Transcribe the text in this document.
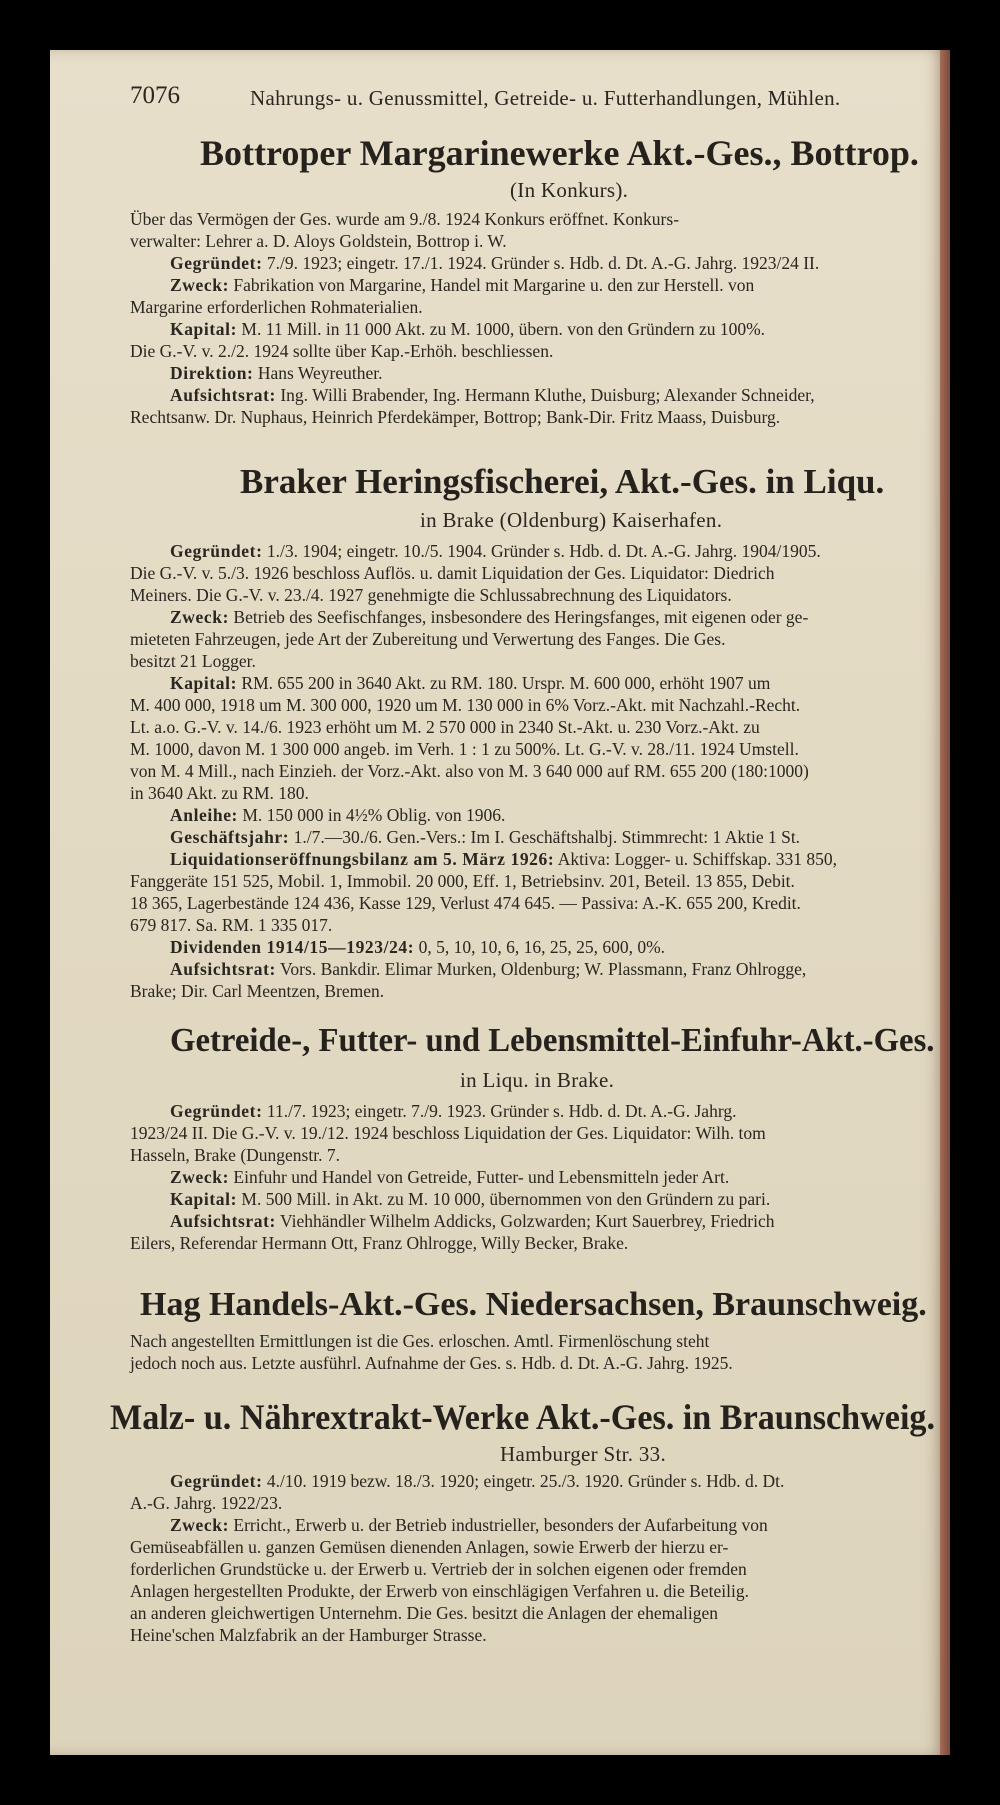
7076	Nahrungs- u. Genussmittel, Getreide- u. Futterhandlungen, Mühlen.
Bottroper Margarinewerke Akt.-Ges., Bottrop.
(In Konkurs).
Über das Vermögen der Ges. wurde am 9./8. 1924 Konkurs eröffnet. Konkurs-
verwalter: Lehrer a. D. Aloys Goldstein, Bottrop i. W.
Gegründet: 7./9. 1923; eingetr. 17./1. 1924. Gründer s. Hdb. d. Dt. A.-G. Jahrg. 1923/24 II.
Zweck: Fabrikation von Margarine, Handel mit Margarine u. den zur Herstell. von
Margarine erforderlichen Rohmaterialien.
Kapital: M. 11 Mill. in 11 000 Akt. zu M. 1000, übern. von den Gründern zu 100%.
Die G.-V. v. 2./2. 1924 sollte über Kap.-Erhöh. beschliessen.
Direktion: Hans Weyreuther.
Aufsichtsrat: Ing. Willi Brabender, Ing. Hermann Kluthe, Duisburg; Alexander Schneider,
Rechtsanw. Dr. Nuphaus, Heinrich Pferdekämper, Bottrop; Bank-Dir. Fritz Maass, Duisburg.
Braker Heringsfischerei, Akt.-Ges. in Liqu.
in Brake (Oldenburg) Kaiserhafen.
Gegründet: 1./3. 1904; eingetr. 10./5. 1904. Gründer s. Hdb. d. Dt. A.-G. Jahrg. 1904/1905.
Die G.-V. v. 5./3. 1926 beschloss Auflös. u. damit Liquidation der Ges. Liquidator: Diedrich
Meiners. Die G.-V. v. 23./4. 1927 genehmigte die Schlussabrechnung des Liquidators.
Zweck: Betrieb des Seefischfanges, insbesondere des Heringsfanges, mit eigenen oder ge-
mieteten Fahrzeugen, jede Art der Zubereitung und Verwertung des Fanges. Die Ges.
besitzt 21 Logger.
Kapital: RM. 655 200 in 3640 Akt. zu RM. 180. Urspr. M. 600 000, erhöht 1907 um
M. 400 000, 1918 um M. 300 000, 1920 um M. 130 000 in 6% Vorz.-Akt. mit Nachzahl.-Recht.
Lt. a.o. G.-V. v. 14./6. 1923 erhöht um M. 2 570 000 in 2340 St.-Akt. u. 230 Vorz.-Akt. zu
M. 1000, davon M. 1 300 000 angeb. im Verh. 1 : 1 zu 500%. Lt. G.-V. v. 28./11. 1924 Umstell.
von M. 4 Mill., nach Einzieh. der Vorz.-Akt. also von M. 3 640 000 auf RM. 655 200 (180:1000)
in 3640 Akt. zu RM. 180.
Anleihe: M. 150 000 in 4½% Oblig. von 1906.
Geschäftsjahr: 1./7.—30./6. Gen.-Vers.: Im I. Geschäftshalbj. Stimmrecht: 1 Aktie 1 St.
Liquidationseröffnungsbilanz am 5. März 1926: Aktiva: Logger- u. Schiffskap. 331 850,
Fanggeräte 151 525, Mobil. 1, Immobil. 20 000, Eff. 1, Betriebsinv. 201, Beteil. 13 855, Debit.
18 365, Lagerbestände 124 436, Kasse 129, Verlust 474 645. — Passiva: A.-K. 655 200, Kredit.
679 817. Sa. RM. 1 335 017.
Dividenden 1914/15—1923/24: 0, 5, 10, 10, 6, 16, 25, 25, 600, 0%.
Aufsichtsrat: Vors. Bankdir. Elimar Murken, Oldenburg; W. Plassmann, Franz Ohlrogge,
Brake; Dir. Carl Meentzen, Bremen.
Getreide-, Futter- und Lebensmittel-Einfuhr-Akt.-Ges.
in Liqu. in Brake.
Gegründet: 11./7. 1923; eingetr. 7./9. 1923. Gründer s. Hdb. d. Dt. A.-G. Jahrg.
1923/24 II. Die G.-V. v. 19./12. 1924 beschloss Liquidation der Ges. Liquidator: Wilh. tom
Hasseln, Brake (Dungenstr. 7.
Zweck: Einfuhr und Handel von Getreide, Futter- und Lebensmitteln jeder Art.
Kapital: M. 500 Mill. in Akt. zu M. 10 000, übernommen von den Gründern zu pari.
Aufsichtsrat: Viehhändler Wilhelm Addicks, Golzwarden; Kurt Sauerbrey, Friedrich
Eilers, Referendar Hermann Ott, Franz Ohlrogge, Willy Becker, Brake.
Hag Handels-Akt.-Ges. Niedersachsen, Braunschweig.
Nach angestellten Ermittlungen ist die Ges. erloschen. Amtl. Firmenlöschung steht
jedoch noch aus. Letzte ausführl. Aufnahme der Ges. s. Hdb. d. Dt. A.-G. Jahrg. 1925.
Malz- u. Nährextrakt-Werke Akt.-Ges. in Braunschweig.
Hamburger Str. 33.
Gegründet: 4./10. 1919 bezw. 18./3. 1920; eingetr. 25./3. 1920. Gründer s. Hdb. d. Dt.
A.-G. Jahrg. 1922/23.
Zweck: Erricht., Erwerb u. der Betrieb industrieller, besonders der Aufarbeitung von
Gemüseabfällen u. ganzen Gemüsen dienenden Anlagen, sowie Erwerb der hierzu er-
forderlichen Grundstücke u. der Erwerb u. Vertrieb der in solchen eigenen oder fremden
Anlagen hergestellten Produkte, der Erwerb von einschlägigen Verfahren u. die Beteilig.
an anderen gleichwertigen Unternehm. Die Ges. besitzt die Anlagen der ehemaligen
Heine'schen Malzfabrik an der Hamburger Strasse.
